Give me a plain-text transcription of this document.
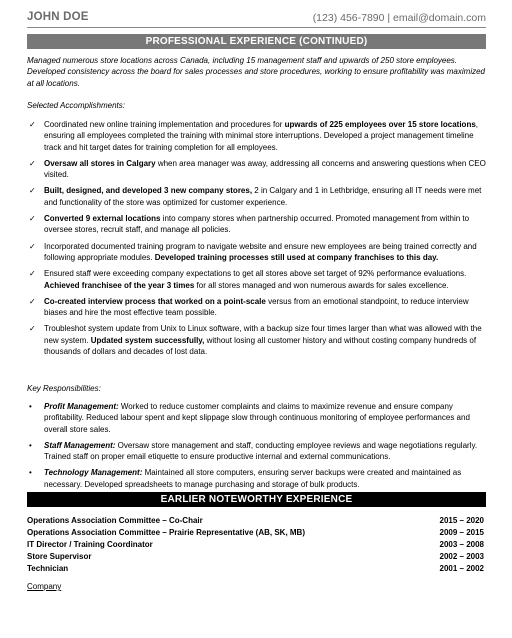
JOHN DOE	(123) 456-7890 | email@domain.com
PROFESSIONAL EXPERIENCE (CONTINUED)
Managed numerous store locations across Canada, including 15 management staff and upwards of 250 store employees. Developed consistency across the board for sales processes and store procedures, working to ensure profitability was maximized at all locations.
Selected Accomplishments:
✓ Coordinated new online training implementation and procedures for upwards of 225 employees over 15 store locations, ensuring all employees completed the training with minimal store interruptions. Developed a project management timeline track and hit target dates for training completion for all employees.
✓ Oversaw all stores in Calgary when area manager was away, addressing all concerns and answering questions when CEO visited.
✓ Built, designed, and developed 3 new company stores, 2 in Calgary and 1 in Lethbridge, ensuring all IT needs were met and functionality of the store was optimized for customer experience.
✓ Converted 9 external locations into company stores when partnership occurred. Promoted management from within to oversee stores, recruit staff, and manage all policies.
✓ Incorporated documented training program to navigate website and ensure new employees are being trained correctly and following appropriate modules. Developed training processes still used at company franchises to this day.
✓ Ensured staff were exceeding company expectations to get all stores above set target of 92% performance evaluations. Achieved franchisee of the year 3 times for all stores managed and won numerous awards for sales excellence.
✓ Co-created interview process that worked on a point-scale versus from an emotional standpoint, to reduce interview biases and hire the most effective team possible.
✓ Troubleshot system update from Unix to Linux software, with a backup size four times larger than what was allowed with the new system. Updated system successfully, without losing all customer history and without costing company hundreds of thousands of dollars and decades of lost data.
Key Responsibilities:
• Profit Management: Worked to reduce customer complaints and claims to maximize revenue and ensure company profitability. Reduced labour spent and kept slippage slow through continuous monitoring of employee performances and overall store sales.
• Staff Management: Oversaw store management and staff, conducting employee reviews and wage negotiations regularly. Trained staff on proper email etiquette to ensure productive internal and external communications.
• Technology Management: Maintained all store computers, ensuring server backups were created and maintained as necessary. Developed spreadsheets to manage purchasing and storage of bulk products.
EARLIER NOTEWORTHY EXPERIENCE
Operations Association Committee – Co-Chair	2015 – 2020
Operations Association Committee – Prairie Representative (AB, SK, MB)	2009 – 2015
IT Director / Training Coordinator	2003 – 2008
Store Supervisor	2002 – 2003
Technician	2001 – 2002
Company
